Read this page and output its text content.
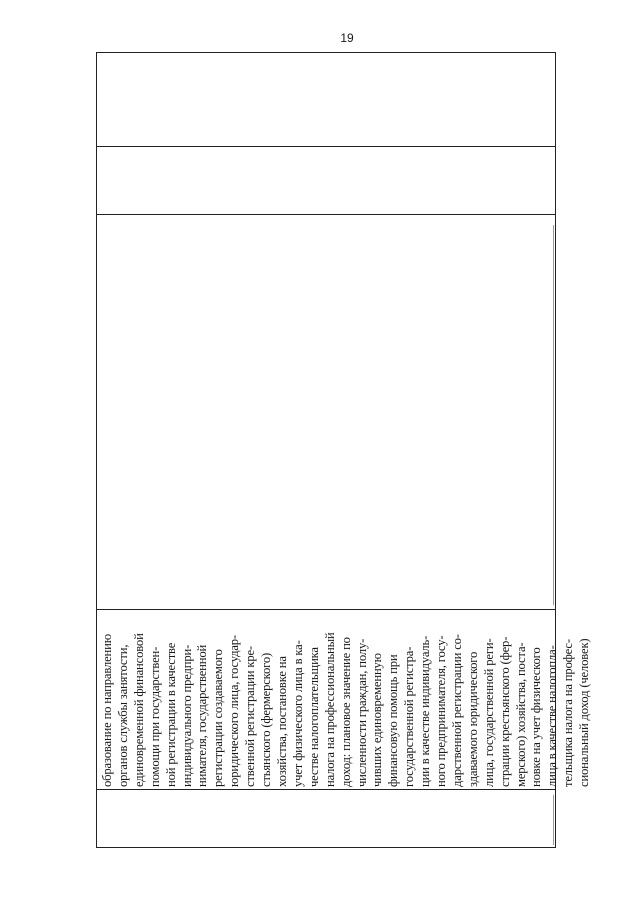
19
образование по направлению органов службы занятости, единовременной финансовой помощи при государствен- ной регистрации в качестве индивидуального предпри- нимателя, государственной регистрации создаваемого юридического лица, государ- ственной регистрации кре- стьянского (фермерского) хозяйства, постановке на учет физического лица в ка- честве налогоплательщика налога на профессиональный доход: плановое значение по численности граждан, полу- чивших единовременную финансовую помощь при государственной регистра- ции в качестве индивидуаль- ного предпринимателя, госу- дарственной регистрации со- здаваемого юридического лица, государственной реги- страции крестьянского (фер- мерского) хозяйства, поста- новке на учет физического лица в качестве налогопла- тельщика налога на профес- сиональный доход (человек)
